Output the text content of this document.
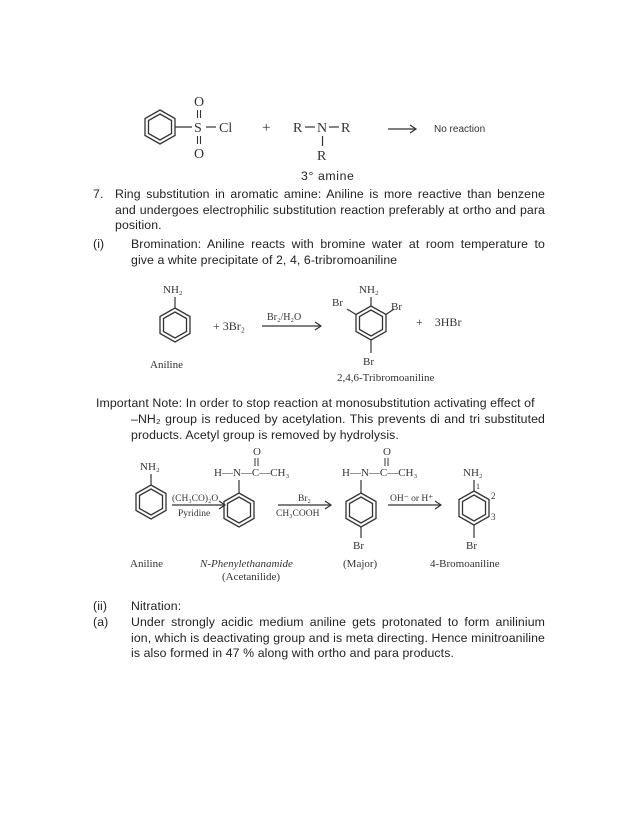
O
S Cl
O
+ R N R
R
No reaction
3° amine
7. Ring substitution in aromatic amine: Aniline is more reactive than benzene and undergoes electrophilic substitution reaction preferably at ortho and para position.
(i) Bromination: Aniline reacts with bromine water at room temperature to give a white precipitate of 2, 4, 6-tribromoaniline
NH₂
+ 3Br₂
Br₂/H₂O
NH₂
Br	Br
Br
+    3HBr
Aniline
2,4,6-Tribromoaniline
Important Note: In order to stop reaction at monosubstitution activating effect of
–NH₂ group is reduced by acetylation. This prevents di and tri substituted products. Acetyl group is removed by hydrolysis.
NH₂
(CH₃CO)₂O
Pyridine
O
H—N—C—CH₃
Br₂
CH₃COOH
O
H—N—C—CH₃
Br
OH⁻ or H⁺
NH₂
1
2
3
Br
Aniline	N-Phenylethanamide
(Acetanilide)
(Major)	4-Bromoaniline
(ii) Nitration:
(a) Under strongly acidic medium aniline gets protonated to form anilinium ion, which is deactivating group and is meta directing. Hence minitroaniline is also formed in 47 % along with ortho and para products.
